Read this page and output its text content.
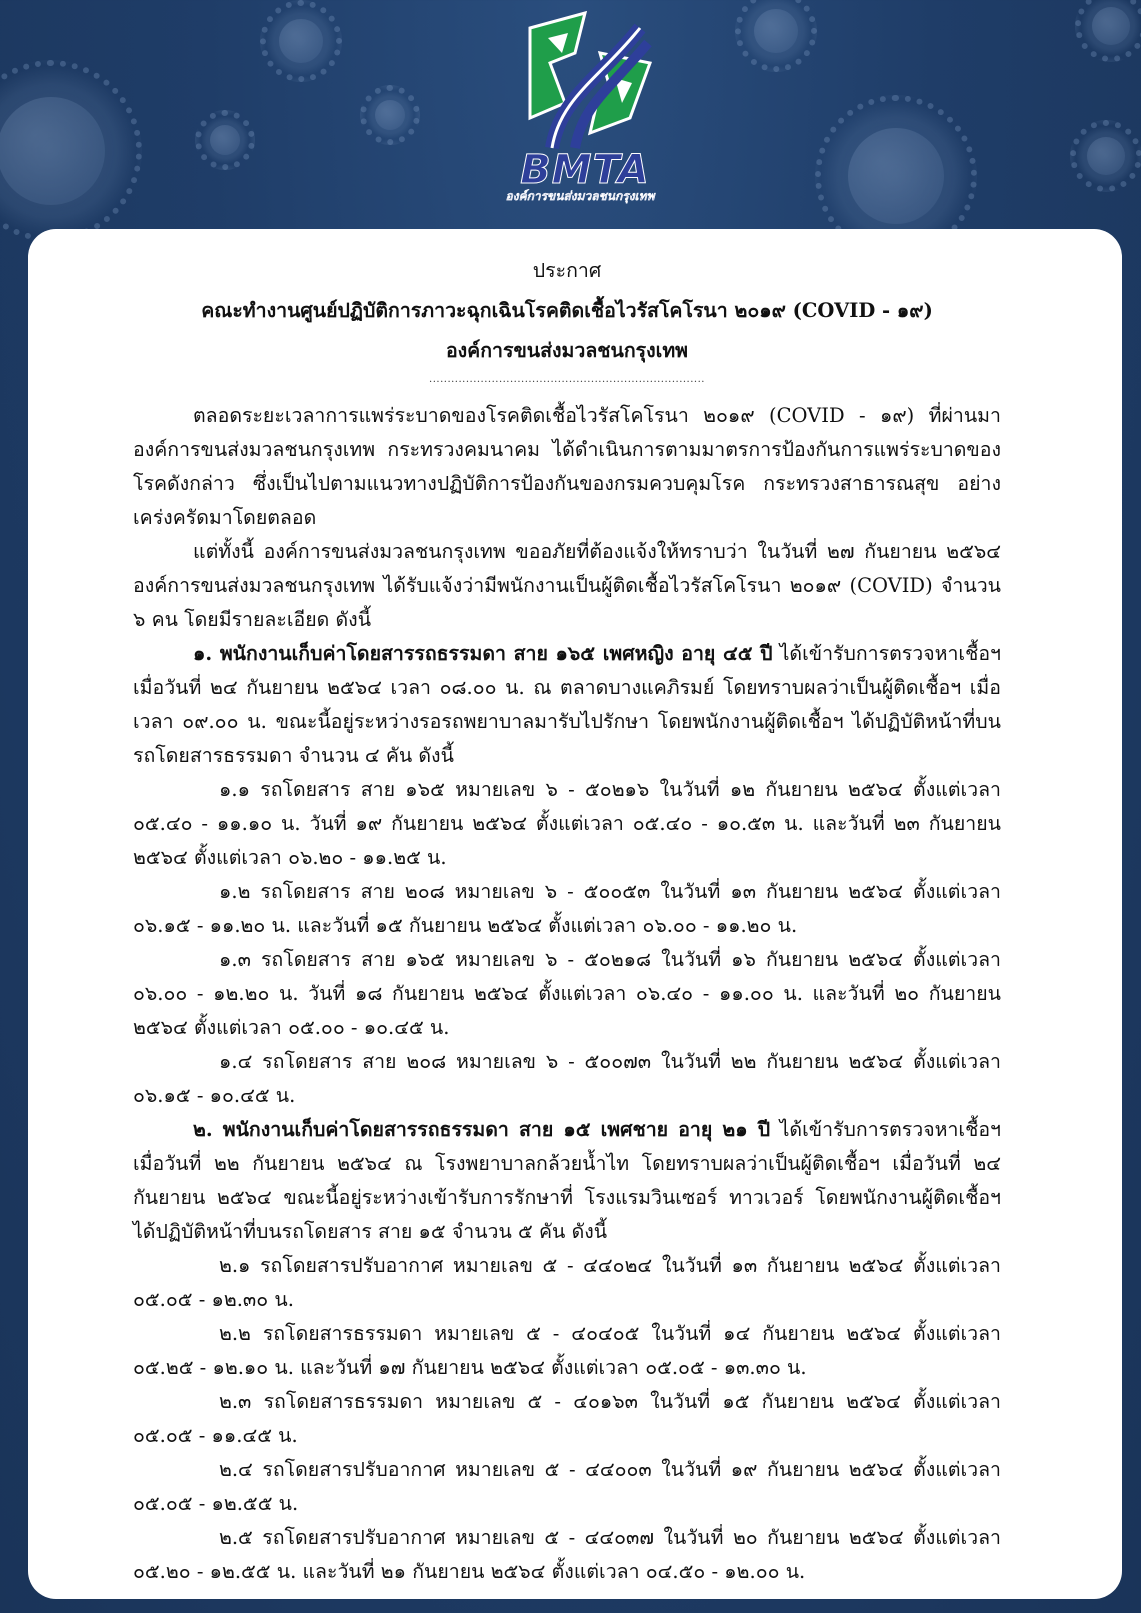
BMTA
องค์การขนส่งมวลชนกรุงเทพ
ประกาศ
คณะทำงานศูนย์ปฏิบัติการภาวะฉุกเฉินโรคติดเชื้อไวรัสโคโรนา ๒๐๑๙ (COVID - ๑๙)
องค์การขนส่งมวลชนกรุงเทพ
...........................................................................

ตลอดระยะเวลาการแพร่ระบาดของโรคติดเชื้อไวรัสโคโรนา ๒๐๑๙ (COVID - ๑๙) ที่ผ่านมาองค์การขนส่งมวลชนกรุงเทพ กระทรวงคมนาคม ได้ดำเนินการตามมาตรการป้องกันการแพร่ระบาดของโรคดังกล่าว ซึ่งเป็นไปตามแนวทางปฏิบัติการป้องกันของกรมควบคุมโรค กระทรวงสาธารณสุข อย่างเคร่งครัดมาโดยตลอด

แต่ทั้งนี้ องค์การขนส่งมวลชนกรุงเทพ ขออภัยที่ต้องแจ้งให้ทราบว่า ในวันที่ ๒๗ กันยายน ๒๕๖๔ องค์การขนส่งมวลชนกรุงเทพ ได้รับแจ้งว่ามีพนักงานเป็นผู้ติดเชื้อไวรัสโคโรนา ๒๐๑๙ (COVID) จำนวน ๖ คน โดยมีรายละเอียด ดังนี้

๑. พนักงานเก็บค่าโดยสารรถธรรมดา สาย ๑๖๕ เพศหญิง อายุ ๔๕ ปี ได้เข้ารับการตรวจหาเชื้อฯ เมื่อวันที่ ๒๔ กันยายน ๒๕๖๔ เวลา ๐๘.๐๐ น. ณ ตลาดบางแคภิรมย์ โดยทราบผลว่าเป็นผู้ติดเชื้อฯ เมื่อเวลา ๐๙.๐๐ น. ขณะนี้อยู่ระหว่างรอรถพยาบาลมารับไปรักษา โดยพนักงานผู้ติดเชื้อฯ ได้ปฏิบัติหน้าที่บนรถโดยสารธรรมดา จำนวน ๔ คัน ดังนี้

๑.๑ รถโดยสาร สาย ๑๖๕ หมายเลข ๖ - ๕๐๒๑๖ ในวันที่ ๑๒ กันยายน ๒๕๖๔ ตั้งแต่เวลา ๐๕.๔๐ - ๑๑.๑๐ น. วันที่ ๑๙ กันยายน ๒๕๖๔ ตั้งแต่เวลา ๐๕.๔๐ - ๑๐.๕๓ น. และวันที่ ๒๓ กันยายน ๒๕๖๔ ตั้งแต่เวลา ๐๖.๒๐ - ๑๑.๒๕ น.

๑.๒ รถโดยสาร สาย ๒๐๘ หมายเลข ๖ - ๕๐๐๕๓ ในวันที่ ๑๓ กันยายน ๒๕๖๔ ตั้งแต่เวลา ๐๖.๑๕ - ๑๑.๒๐ น. และวันที่ ๑๕ กันยายน ๒๕๖๔ ตั้งแต่เวลา ๐๖.๐๐ - ๑๑.๒๐ น.

๑.๓ รถโดยสาร สาย ๑๖๕ หมายเลข ๖ - ๕๐๒๑๘ ในวันที่ ๑๖ กันยายน ๒๕๖๔ ตั้งแต่เวลา ๐๖.๐๐ - ๑๒.๒๐ น. วันที่ ๑๘ กันยายน ๒๕๖๔ ตั้งแต่เวลา ๐๖.๔๐ - ๑๑.๐๐ น. และวันที่ ๒๐ กันยายน ๒๕๖๔ ตั้งแต่เวลา ๐๕.๐๐ - ๑๐.๔๕ น.

๑.๔ รถโดยสาร สาย ๒๐๘ หมายเลข ๖ - ๕๐๐๗๓ ในวันที่ ๒๒ กันยายน ๒๕๖๔ ตั้งแต่เวลา ๐๖.๑๕ - ๑๐.๔๕ น.

๒. พนักงานเก็บค่าโดยสารรถธรรมดา สาย ๑๕ เพศชาย อายุ ๒๑ ปี ได้เข้ารับการตรวจหาเชื้อฯ เมื่อวันที่ ๒๒ กันยายน ๒๕๖๔ ณ โรงพยาบาลกล้วยน้ำไท โดยทราบผลว่าเป็นผู้ติดเชื้อฯ เมื่อวันที่ ๒๔ กันยายน ๒๕๖๔ ขณะนี้อยู่ระหว่างเข้ารับการรักษาที่ โรงแรมวินเซอร์ ทาวเวอร์ โดยพนักงานผู้ติดเชื้อฯ ได้ปฏิบัติหน้าที่บนรถโดยสาร สาย ๑๕ จำนวน ๕ คัน ดังนี้

๒.๑ รถโดยสารปรับอากาศ หมายเลข ๕ - ๔๔๐๒๔ ในวันที่ ๑๓ กันยายน ๒๕๖๔ ตั้งแต่เวลา ๐๕.๐๕ - ๑๒.๓๐ น.

๒.๒ รถโดยสารธรรมดา หมายเลข ๕ - ๔๐๔๐๕ ในวันที่ ๑๔ กันยายน ๒๕๖๔ ตั้งแต่เวลา ๐๕.๒๕ - ๑๒.๑๐ น. และวันที่ ๑๗ กันยายน ๒๕๖๔ ตั้งแต่เวลา ๐๕.๐๕ - ๑๓.๓๐ น.

๒.๓ รถโดยสารธรรมดา หมายเลข ๕ - ๔๐๑๖๓ ในวันที่ ๑๕ กันยายน ๒๕๖๔ ตั้งแต่เวลา ๐๕.๐๕ - ๑๑.๔๕ น.

๒.๔ รถโดยสารปรับอากาศ หมายเลข ๕ - ๔๔๐๐๓ ในวันที่ ๑๙ กันยายน ๒๕๖๔ ตั้งแต่เวลา ๐๕.๐๕ - ๑๒.๕๕ น.

๒.๕ รถโดยสารปรับอากาศ หมายเลข ๕ - ๔๔๐๓๗ ในวันที่ ๒๐ กันยายน ๒๕๖๔ ตั้งแต่เวลา ๐๕.๒๐ - ๑๒.๕๕ น. และวันที่ ๒๑ กันยายน ๒๕๖๔ ตั้งแต่เวลา ๐๔.๕๐ - ๑๒.๐๐ น.
